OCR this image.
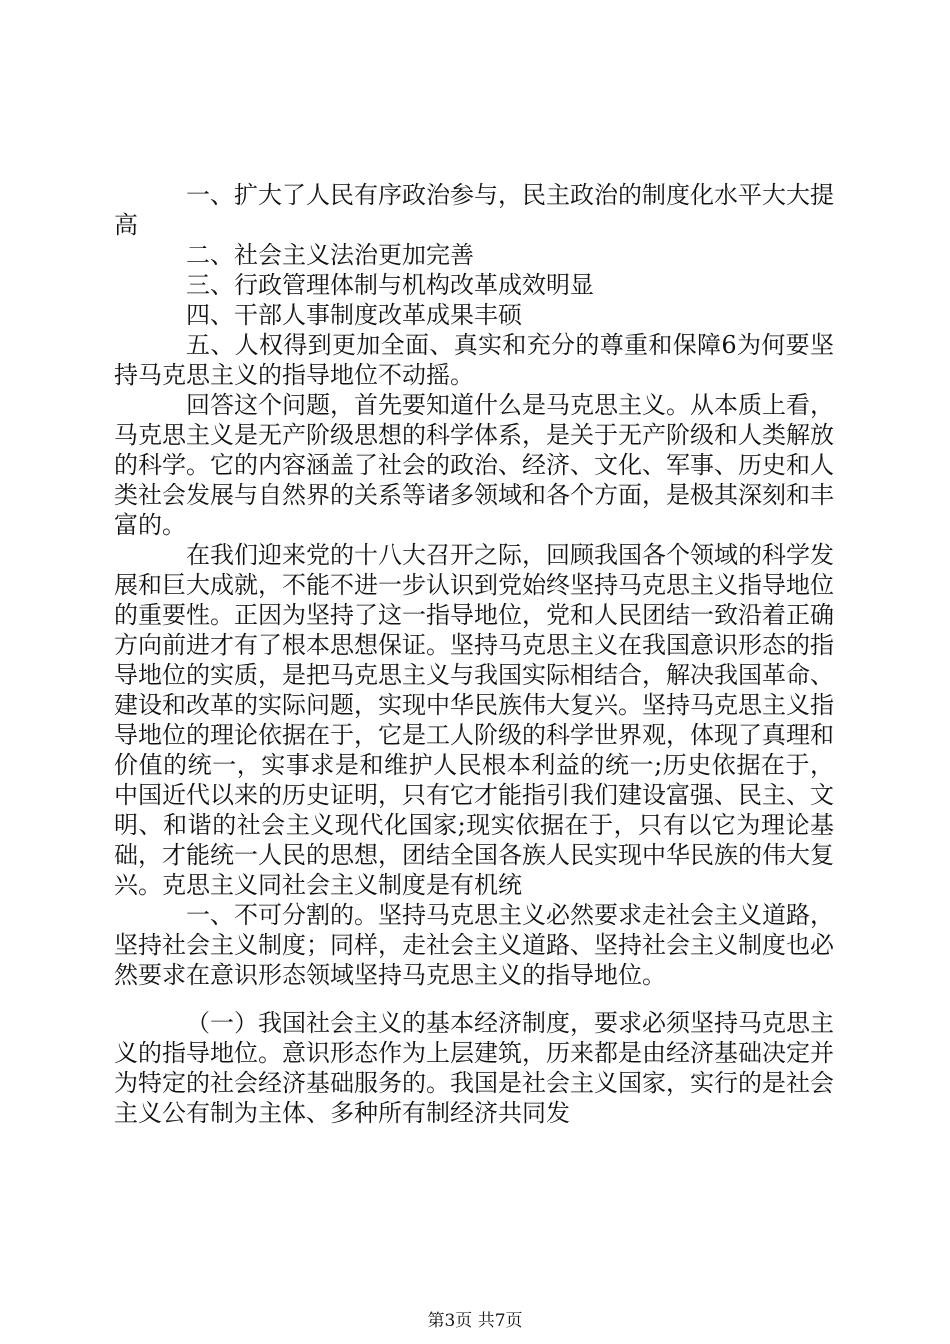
一、扩大了人民有序政治参与，民主政治的制度化水平大大提高

二、社会主义法治更加完善

三、行政管理体制与机构改革成效明显

四、干部人事制度改革成果丰硕

五、人权得到更加全面、真实和充分的尊重和保障6为何要坚持马克思主义的指导地位不动摇。

回答这个问题，首先要知道什么是马克思主义。从本质上看，马克思主义是无产阶级思想的科学体系，是关于无产阶级和人类解放的科学。它的内容涵盖了社会的政治、经济、文化、军事、历史和人类社会发展与自然界的关系等诸多领域和各个方面，是极其深刻和丰富的。

在我们迎来党的十八大召开之际，回顾我国各个领域的科学发展和巨大成就，不能不进一步认识到党始终坚持马克思主义指导地位的重要性。正因为坚持了这一指导地位，党和人民团结一致沿着正确方向前进才有了根本思想保证。坚持马克思主义在我国意识形态的指导地位的实质，是把马克思主义与我国实际相结合，解决我国革命、建设和改革的实际问题，实现中华民族伟大复兴。坚持马克思主义指导地位的理论依据在于，它是工人阶级的科学世界观，体现了真理和价值的统一，实事求是和维护人民根本利益的统一;历史依据在于，中国近代以来的历史证明，只有它才能指引我们建设富强、民主、文明、和谐的社会主义现代化国家;现实依据在于，只有以它为理论基础，才能统一人民的思想，团结全国各族人民实现中华民族的伟大复兴。克思主义同社会主义制度是有机统

一、不可分割的。坚持马克思主义必然要求走社会主义道路，坚持社会主义制度；同样，走社会主义道路、坚持社会主义制度也必然要求在意识形态领域坚持马克思主义的指导地位。

（一）我国社会主义的基本经济制度，要求必须坚持马克思主义的指导地位。意识形态作为上层建筑，历来都是由经济基础决定并为特定的社会经济基础服务的。我国是社会主义国家，实行的是社会主义公有制为主体、多种所有制经济共同发

第3页 共7页
